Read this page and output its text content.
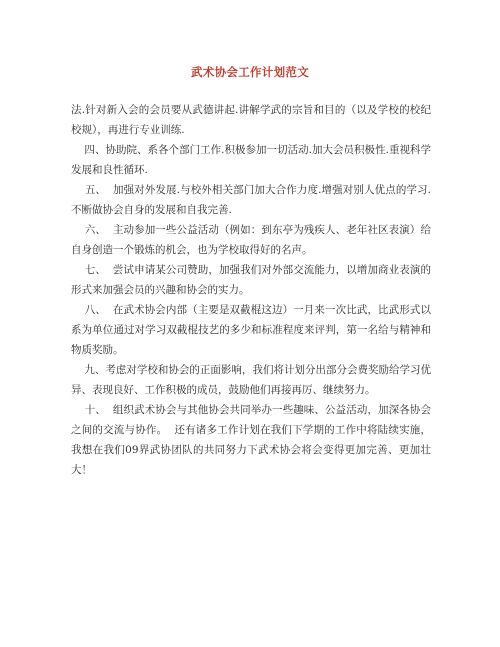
武术协会工作计划范文

法.针对新入会的会员要从武德讲起.讲解学武的宗旨和目的（以及学校的校纪校规），再进行专业训练.

四、协助院、系各个部门工作.积极参加一切活动.加大会员积极性.重视科学发展和良性循环.

五、  加强对外发展.与校外相关部门加大合作力度.增强对别人优点的学习.不断做协会自身的发展和自我完善.

六、  主动参加一些公益活动（例如：到东亭为残疾人、老年社区表演）给自身创造一个锻炼的机会，也为学校取得好的名声。

七、  尝试申请某公司赞助，加强我们对外部交流能力，以增加商业表演的形式来加强会员的兴趣和协会的实力。

八、  在武术协会内部（主要是双截棍这边）一月来一次比武，比武形式以系为单位通过对学习双截棍技艺的多少和标准程度来评判，第一名给与精神和物质奖励。

九、考虑对学校和协会的正面影响，我们将计划分出部分会费奖励给学习优异、表现良好、工作积极的成员，鼓励他们再接再厉、继续努力。

十、  组织武术协会与其他协会共同举办一些趣味、公益活动，加深各协会之间的交流与协作。  还有诸多工作计划在我们下学期的工作中将陆续实施，我想在我们09界武协团队的共同努力下武术协会将会变得更加完善、更加壮大！
